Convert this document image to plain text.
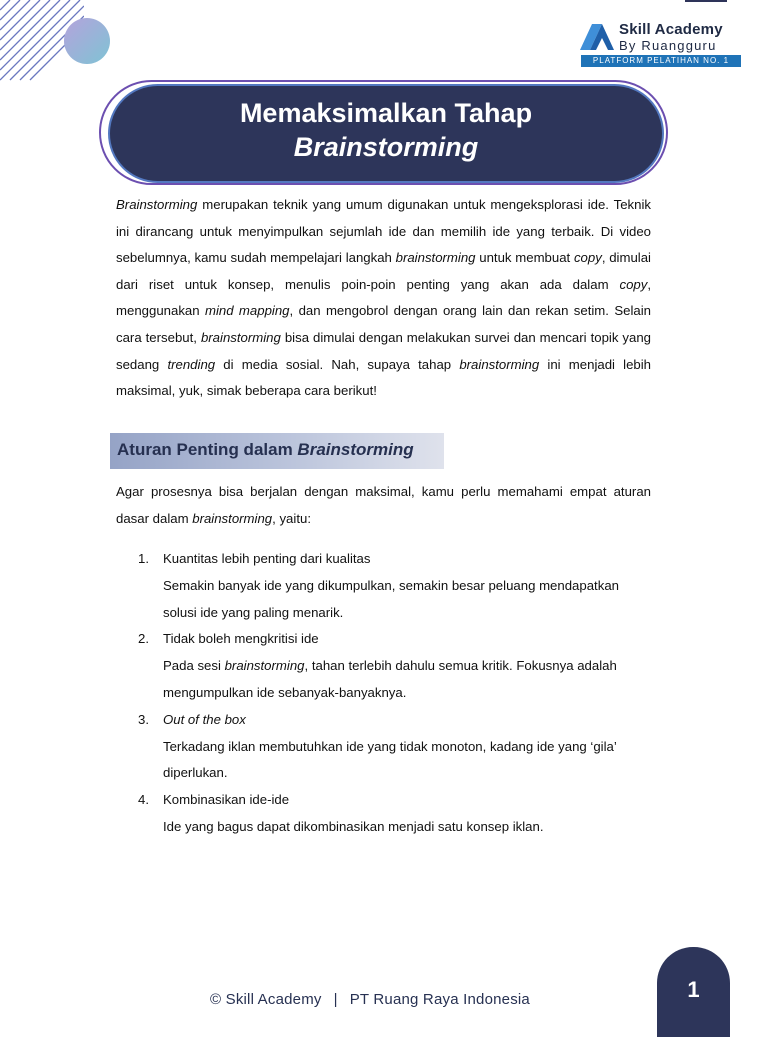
Skill Academy
By Ruangguru
PLATFORM PELATIHAN NO. 1
Memaksimalkan Tahap
Brainstorming

Brainstorming merupakan teknik yang umum digunakan untuk mengeksplorasi ide. Teknik ini dirancang untuk menyimpulkan sejumlah ide dan memilih ide yang terbaik. Di video sebelumnya, kamu sudah mempelajari langkah brainstorming untuk membuat copy, dimulai dari riset untuk konsep, menulis poin-poin penting yang akan ada dalam copy, menggunakan mind mapping, dan mengobrol dengan orang lain dan rekan setim. Selain cara tersebut, brainstorming bisa dimulai dengan melakukan survei dan mencari topik yang sedang trending di media sosial. Nah, supaya tahap brainstorming ini menjadi lebih maksimal, yuk, simak beberapa cara berikut!

Aturan Penting dalam Brainstorming

Agar prosesnya bisa berjalan dengan maksimal, kamu perlu memahami empat aturan dasar dalam brainstorming, yaitu:

1. Kuantitas lebih penting dari kualitas
Semakin banyak ide yang dikumpulkan, semakin besar peluang mendapatkan solusi ide yang paling menarik.
2. Tidak boleh mengkritisi ide
Pada sesi brainstorming, tahan terlebih dahulu semua kritik. Fokusnya adalah mengumpulkan ide sebanyak-banyaknya.
3. Out of the box
Terkadang iklan membutuhkan ide yang tidak monoton, kadang ide yang ‘gila’ diperlukan.
4. Kombinasikan ide-ide
Ide yang bagus dapat dikombinasikan menjadi satu konsep iklan.
© Skill Academy | PT Ruang Raya Indonesia	1
